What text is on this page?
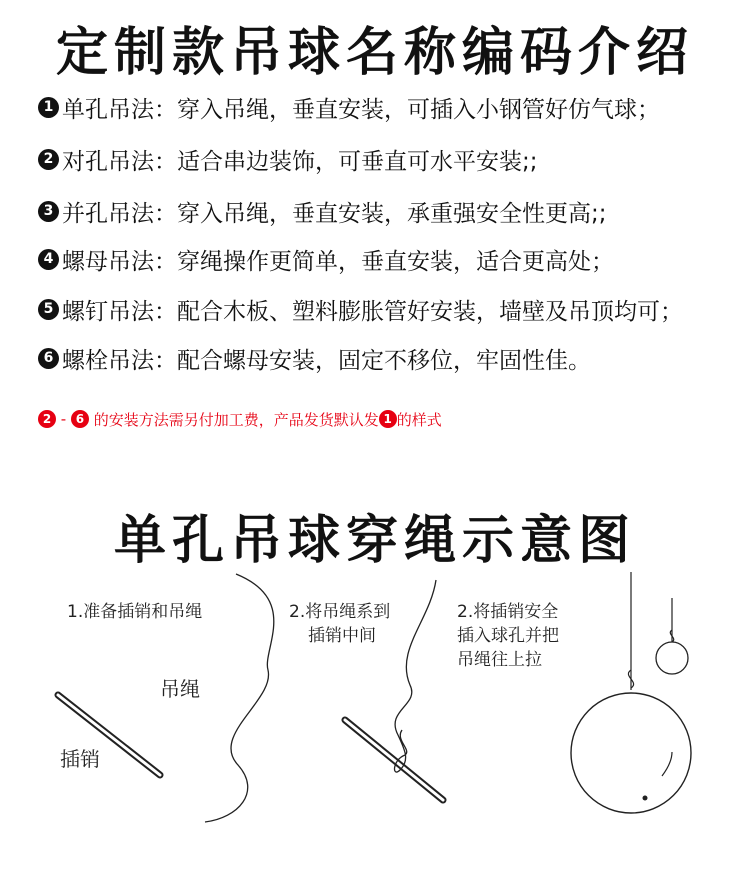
定制款吊球名称编码介绍
1 单孔吊法：穿入吊绳，垂直安装，可插入小钢管好仿气球；
2 对孔吊法：适合串边装饰，可垂直可水平安装;;
3 并孔吊法：穿入吊绳，垂直安装，承重强安全性更高;;
4 螺母吊法：穿绳操作更简单，垂直安装，适合更高处；
5 螺钉吊法：配合木板、塑料膨胀管好安装，墙壁及吊顶均可；
6 螺栓吊法：配合螺母安装，固定不移位，牢固性佳。
2 - 6 的安装方法需另付加工费，产品发货默认发 1 的样式
单孔吊球穿绳示意图
1.准备插销和吊绳
吊绳
插销
2.将吊绳系到
插销中间
2.将插销安全
插入球孔并把
吊绳往上拉
